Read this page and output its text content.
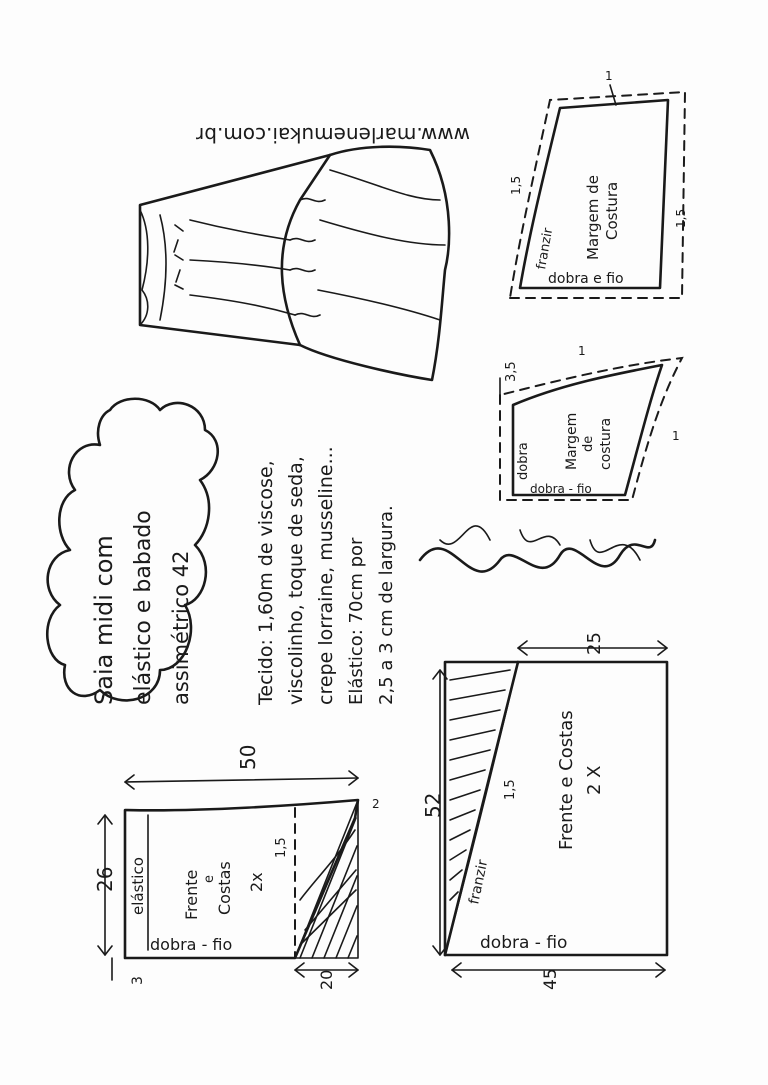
www.marlenemukai.com.br
Saia midi com elástico e babado assimétrico 42	Tecido: 1,60m de viscose, viscolinho, toque de seda, crepe lorraine, musseline... Elástico: 70cm por 2,5 a 3 cm de largura.
50
26 elástico Frente e
Costas 2x
dobra - fio
3	20
1,5
2 52
25
45
Frente e Costas 2 X
franzir
1,5
dobra - fio
3,5
dobra Margem de costura
dobra - fio
1
1
Margem de Costura
dobra e fio
franzir
1,5
1,5
1
